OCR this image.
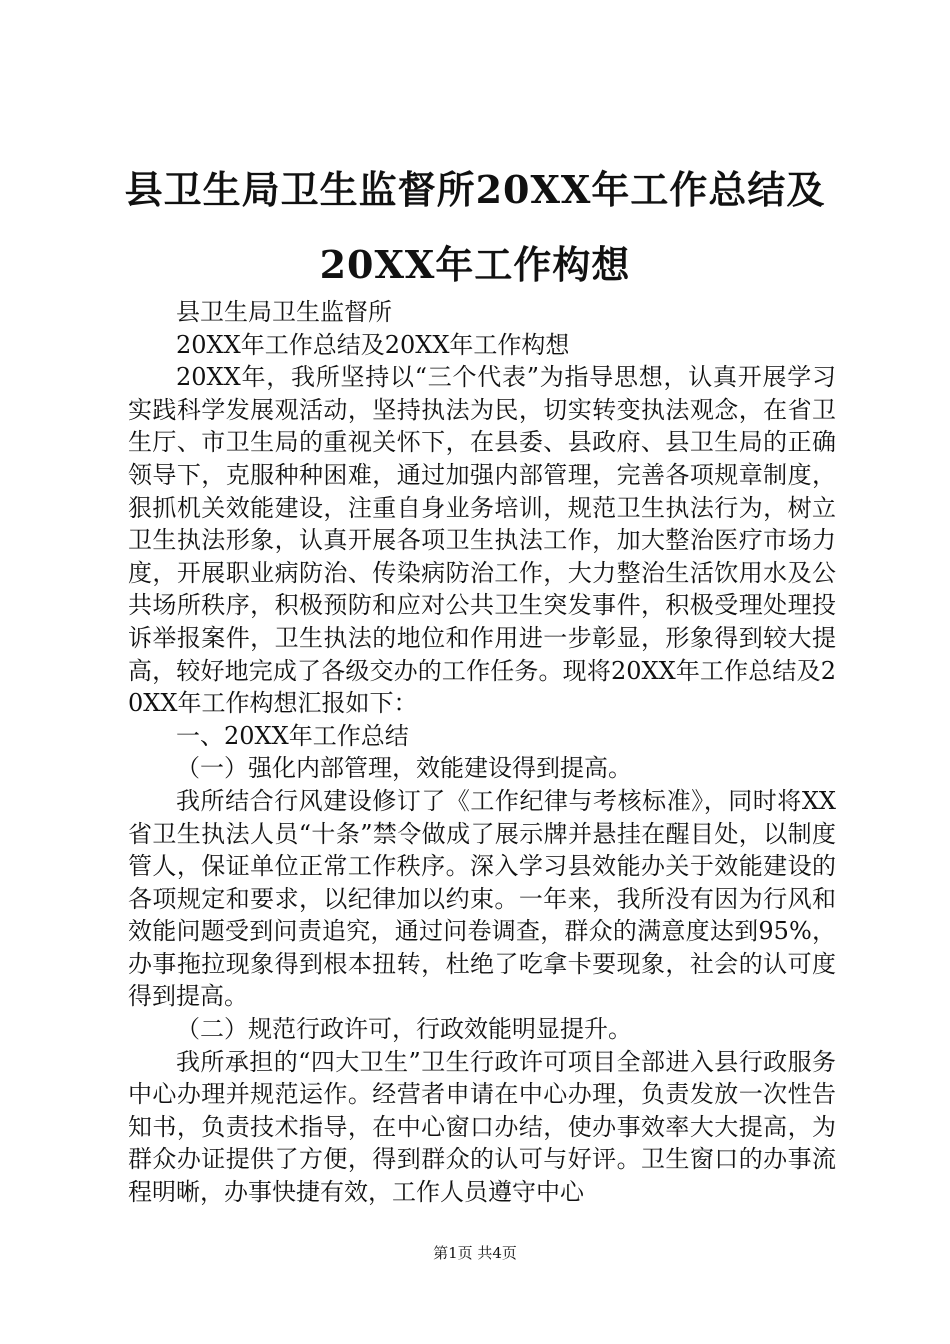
县卫生局卫生监督所20XX年工作总结及20XX年工作构想

县卫生局卫生监督所

20XX年工作总结及20XX年工作构想

20XX年，我所坚持以“三个代表”为指导思想，认真开展学习实践科学发展观活动，坚持执法为民，切实转变执法观念，在省卫生厅、市卫生局的重视关怀下，在县委、县政府、县卫生局的正确领导下，克服种种困难，通过加强内部管理，完善各项规章制度，狠抓机关效能建设，注重自身业务培训，规范卫生执法行为，树立卫生执法形象，认真开展各项卫生执法工作，加大整治医疗市场力度，开展职业病防治、传染病防治工作，大力整治生活饮用水及公共场所秩序，积极预防和应对公共卫生突发事件，积极受理处理投诉举报案件，卫生执法的地位和作用进一步彰显，形象得到较大提高，较好地完成了各级交办的工作任务。现将20XX年工作总结及20XX年工作构想汇报如下：

一、20XX年工作总结

（一）强化内部管理，效能建设得到提高。

我所结合行风建设修订了《工作纪律与考核标准》，同时将XX省卫生执法人员“十条”禁令做成了展示牌并悬挂在醒目处，以制度管人，保证单位正常工作秩序。深入学习县效能办关于效能建设的各项规定和要求，以纪律加以约束。一年来，我所没有因为行风和效能问题受到问责追究，通过问卷调查，群众的满意度达到95%，办事拖拉现象得到根本扭转，杜绝了吃拿卡要现象，社会的认可度得到提高。

（二）规范行政许可，行政效能明显提升。

我所承担的“四大卫生”卫生行政许可项目全部进入县行政服务中心办理并规范运作。经营者申请在中心办理，负责发放一次性告知书，负责技术指导，在中心窗口办结，使办事效率大大提高，为群众办证提供了方便，得到群众的认可与好评。卫生窗口的办事流程明晰，办事快捷有效，工作人员遵守中心

第1页 共4页
